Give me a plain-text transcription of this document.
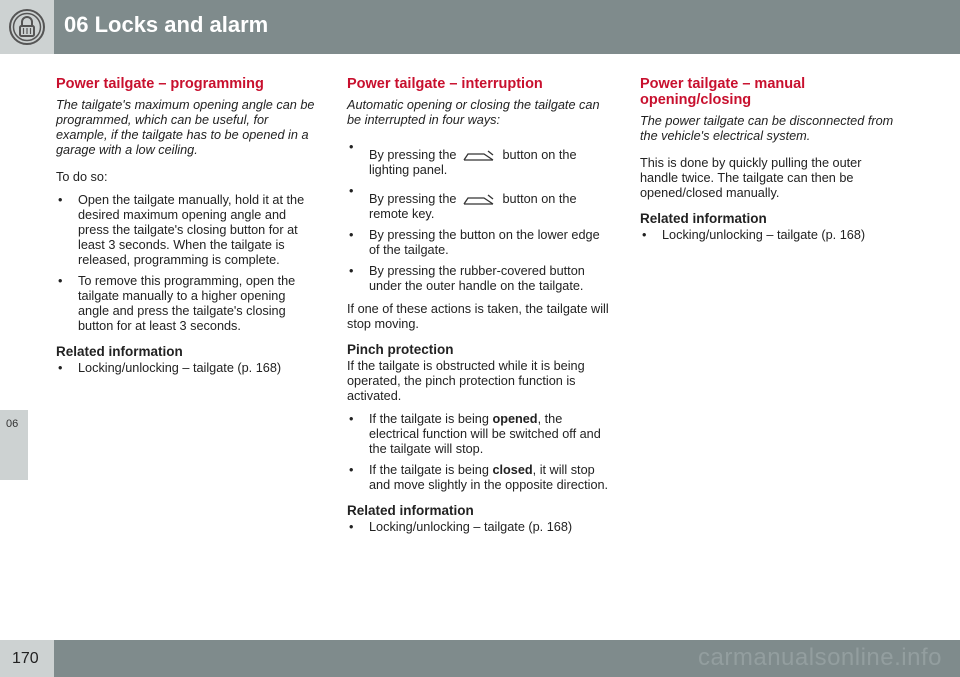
06 Locks and alarm
06
Power tailgate – programming
The tailgate's maximum opening angle can be programmed, which can be useful, for example, if the tailgate has to be opened in a garage with a low ceiling.

To do so:

• Open the tailgate manually, hold it at the desired maximum opening angle and press the tailgate's closing button for at least 3 seconds. When the tailgate is released, programming is complete.
• To remove this programming, open the tailgate manually to a higher opening angle and press the tailgate's closing button for at least 3 seconds.
Related information
• Locking/unlocking – tailgate (p. 168)
Power tailgate – interruption
Automatic opening or closing the tailgate can be interrupted in four ways:
• By pressing the	button on the lighting panel.
• By pressing the	button on the remote key.
• By pressing the button on the lower edge of the tailgate.
• By pressing the rubber-covered button under the outer handle on the tailgate.

If one of these actions is taken, the tailgate will stop moving.

Pinch protection

If the tailgate is obstructed while it is being operated, the pinch protection function is activated.

• If the tailgate is being opened, the electrical function will be switched off and the tailgate will stop.
• If the tailgate is being closed, it will stop and move slightly in the opposite direction.
Related information
• Locking/unlocking – tailgate (p. 168)
Power tailgate – manual opening/closing
The power tailgate can be disconnected from the vehicle's electrical system.

This is done by quickly pulling the outer handle twice. The tailgate can then be opened/closed manually.

Related information
• Locking/unlocking – tailgate (p. 168)
170	carmanualsonline.info
